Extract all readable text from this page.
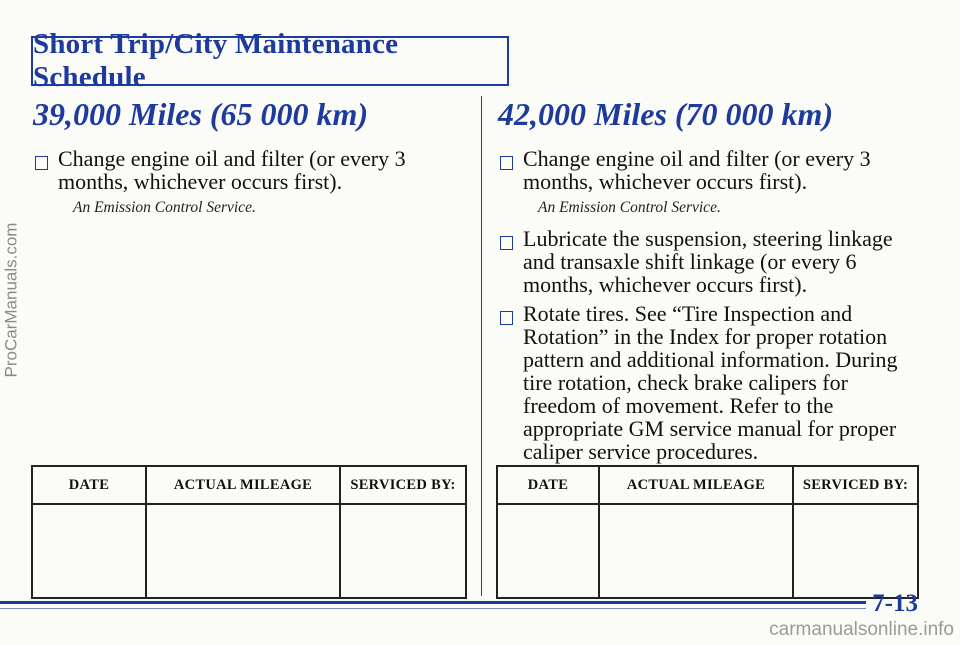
Short Trip/City Maintenance Schedule
39,000 Miles (65 000 km)
Change engine oil and filter (or every 3 months, whichever occurs first).
An Emission Control Service.
42,000 Miles (70 000 km)
Change engine oil and filter (or every 3 months, whichever occurs first).
An Emission Control Service.
Lubricate the suspension, steering linkage and transaxle shift linkage (or every 6 months, whichever occurs first).
Rotate tires. See “Tire Inspection and Rotation” in the Index for proper rotation pattern and additional information. During tire rotation, check brake calipers for freedom of movement. Refer to the appropriate GM service manual for proper caliper service procedures.
DATE	ACTUAL MILEAGE	SERVICED BY:
			DATE	ACTUAL MILEAGE	SERVICED BY:

7-13
ProCarManuals.com
carmanualsonline.info
